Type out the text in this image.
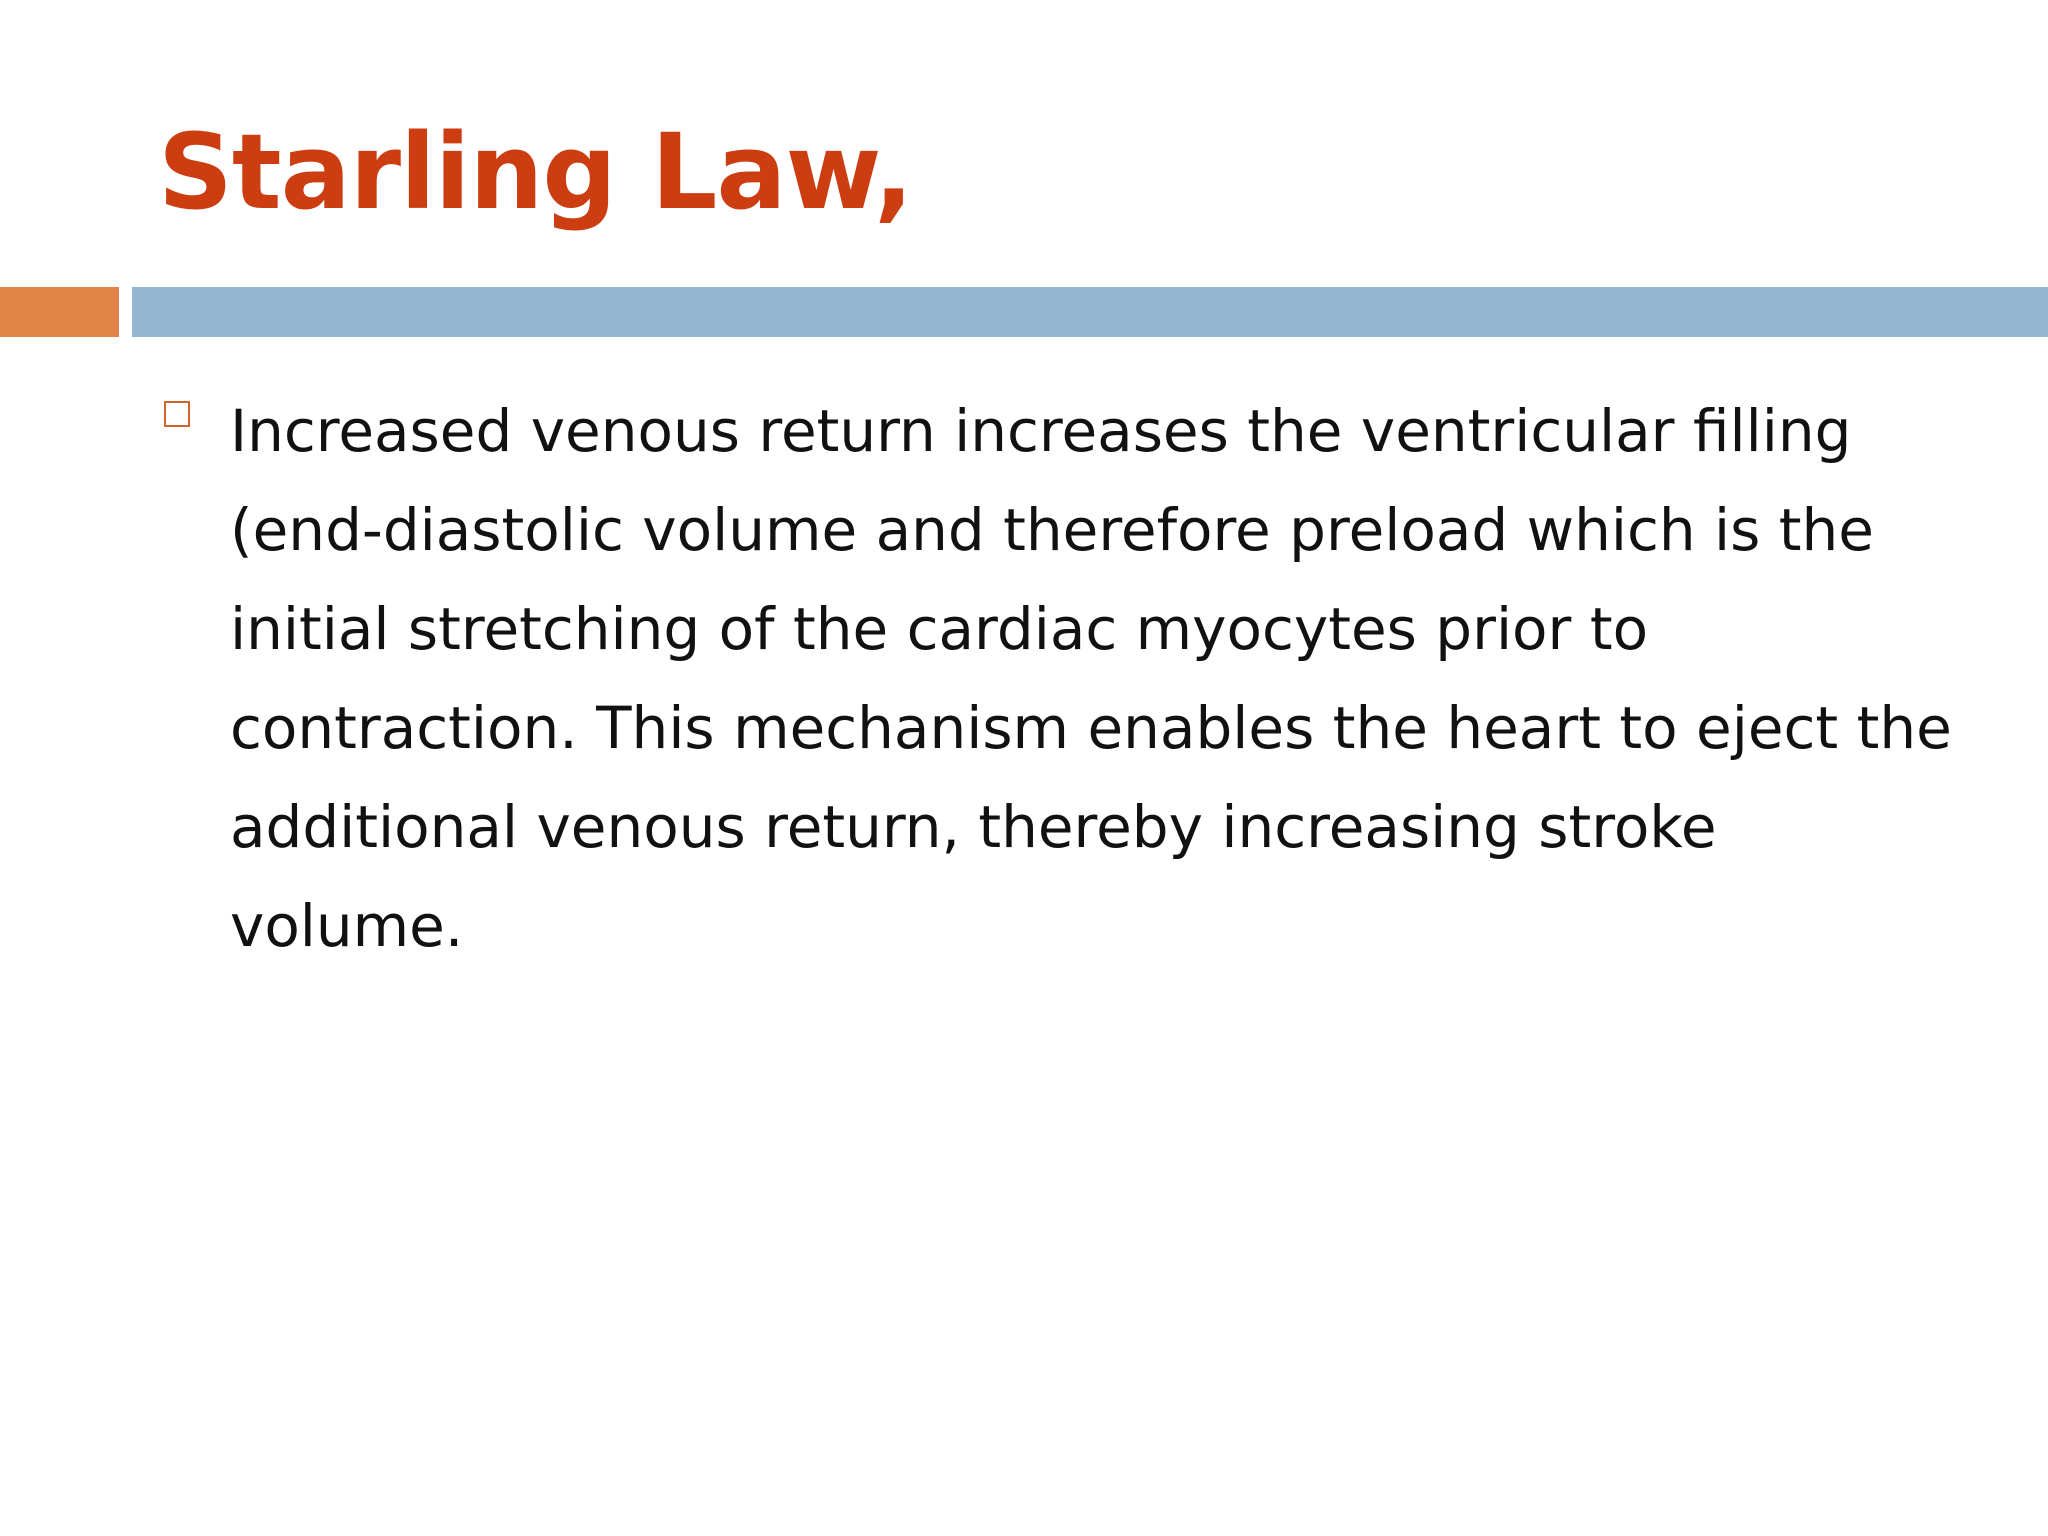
Starling Law,

Increased venous return increases the ventricular filling (end-diastolic volume and therefore preload which is the initial stretching of the cardiac myocytes prior to contraction. This mechanism enables the heart to eject the additional venous return, thereby increasing stroke volume.
